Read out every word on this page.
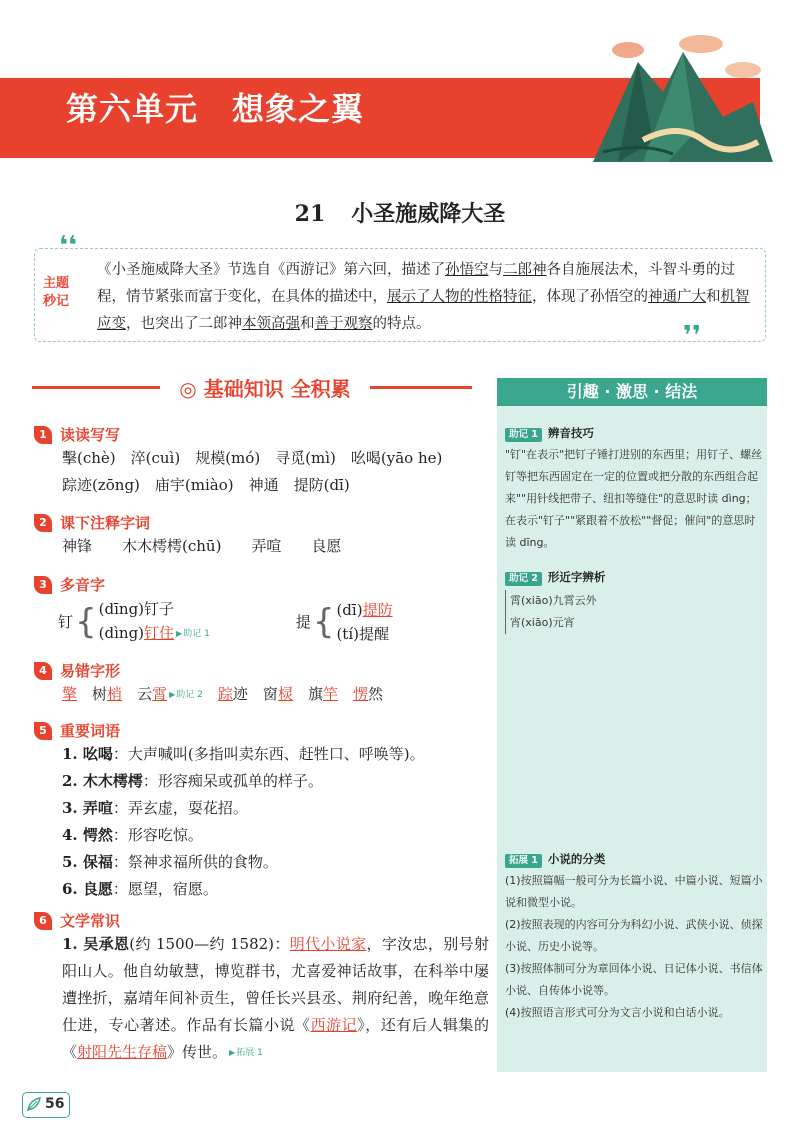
第六单元 想象之翼
21 小圣施威降大圣
❛❛
❜❜
主题
秒记
《小圣施威降大圣》节选自《西游记》第六回，描述了孙悟空与二郎神各自施展法术，斗智斗勇的过程，情节紧张而富于变化，在具体的描述中，展示了人物的性格特征，体现了孙悟空的神通广大和机智应变，也突出了二郎神本领高强和善于观察的特点。
◎ 基础知识 全积累
1 读读写写
擊(chè)　淬(cuì)　规模(mó)　寻觅(mì)　吆喝(yāo he)
踪迹(zōng)　庙宇(miào)　神通　提防(dī)
2 课下注释字词
神锋　　木木樗樗(chū)　　弄喧　　良愿
3 多音字
钉 { (dīng)钉子
(dìng)钉住 ▶ 助记 1
提 { (dī)提防
(tí)提醒
4 易错字形
擎　 树梢　 云霄 ▶ 助记 2　 踪迹　 窗棂　 旗竿　 愣然
5 重要词语
1. 吆喝：大声喊叫(多指叫卖东西、赶牲口、呼唤等)。
2. 木木樗樗：形容痴呆或孤单的样子。
3. 弄喧：弄玄虚，耍花招。
4. 愕然：形容吃惊。
5. 保福：祭神求福所供的食物。
6. 良愿：愿望，宿愿。
6 文学常识
1. 吴承恩(约 1500—约 1582)：明代小说家，字汝忠，别号射阳山人。他自幼敏慧，博览群书，尤喜爱神话故事，在科举中屡遭挫折，嘉靖年间补贡生，曾任长兴县丞、荆府纪善，晚年绝意仕进，专心著述。作品有长篇小说《西游记》，还有后人辑集的《射阳先生存稿》传世。 ▶ 拓展 1
引趣 · 激思 · 结法
助记 1 辨音技巧
"钉"在表示"把钉子锤打进别的东西里；用钉子、螺丝钉等把东西固定在一定的位置或把分散的东西组合起来""用针线把带子、纽扣等缝住"的意思时读 dìng；在表示"钉子""紧跟着不放松""督促；催问"的意思时读 dīng。
助记 2 形近字辨析
霄(xiāo)九霄云外
宵(xiāo)元宵
拓展 1 小说的分类
(1)按照篇幅一般可分为长篇小说、中篇小说、短篇小说和微型小说。
(2)按照表现的内容可分为科幻小说、武侠小说、侦探小说、历史小说等。
(3)按照体制可分为章回体小说、日记体小说、书信体小说、自传体小说等。
(4)按照语言形式可分为文言小说和白话小说。
56
